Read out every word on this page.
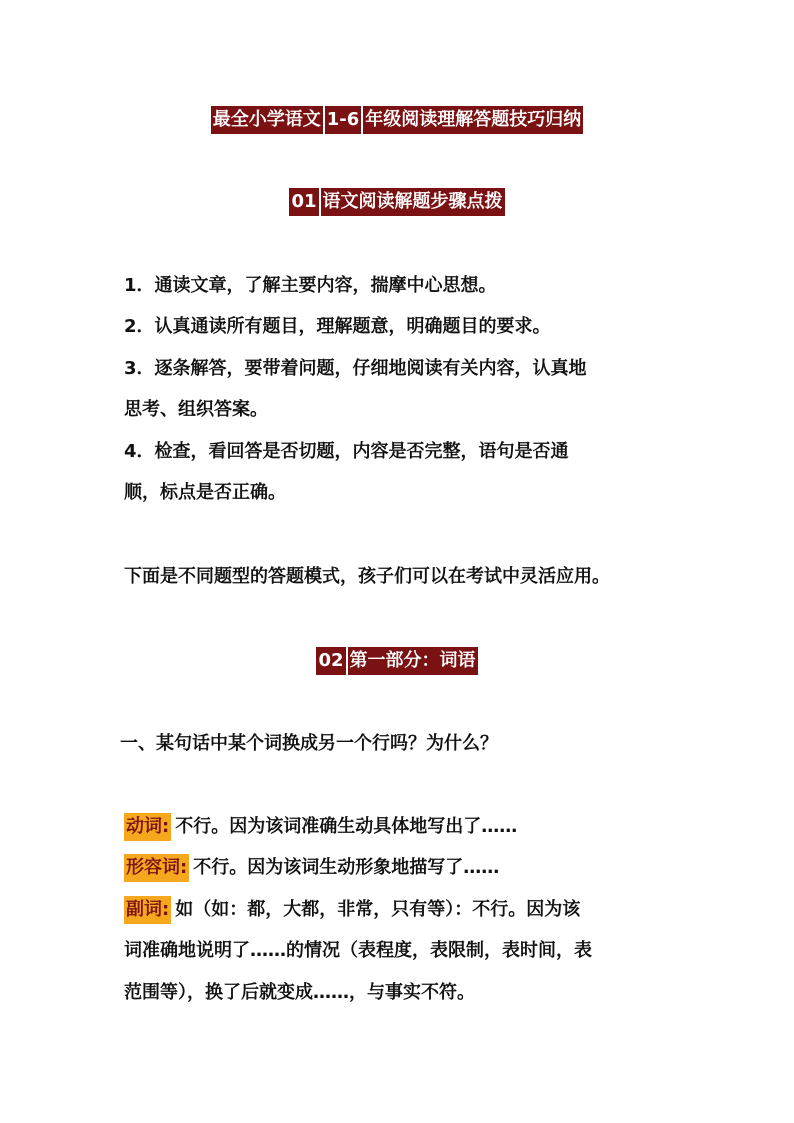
最全小学语文 1-6 年级阅读理解答题技巧归纳
01 语文阅读解题步骤点拨
1．通读文章，了解主要内容，揣摩中心思想。
2．认真通读所有题目，理解题意，明确题目的要求。
3．逐条解答，要带着问题，仔细地阅读有关内容，认真地
思考、组织答案。
4．检查，看回答是否切题，内容是否完整，语句是否通
顺，标点是否正确。
下面是不同题型的答题模式，孩子们可以在考试中灵活应用。
02 第一部分：词语
一、某句话中某个词换成另一个行吗？为什么？
动词: 不行。因为该词准确生动具体地写出了……
形容词: 不行。因为该词生动形象地描写了……
副词: 如（如：都，大都，非常，只有等）：不行。因为该
词准确地说明了……的情况（表程度，表限制，表时间，表
范围等），换了后就变成……，与事实不符。
